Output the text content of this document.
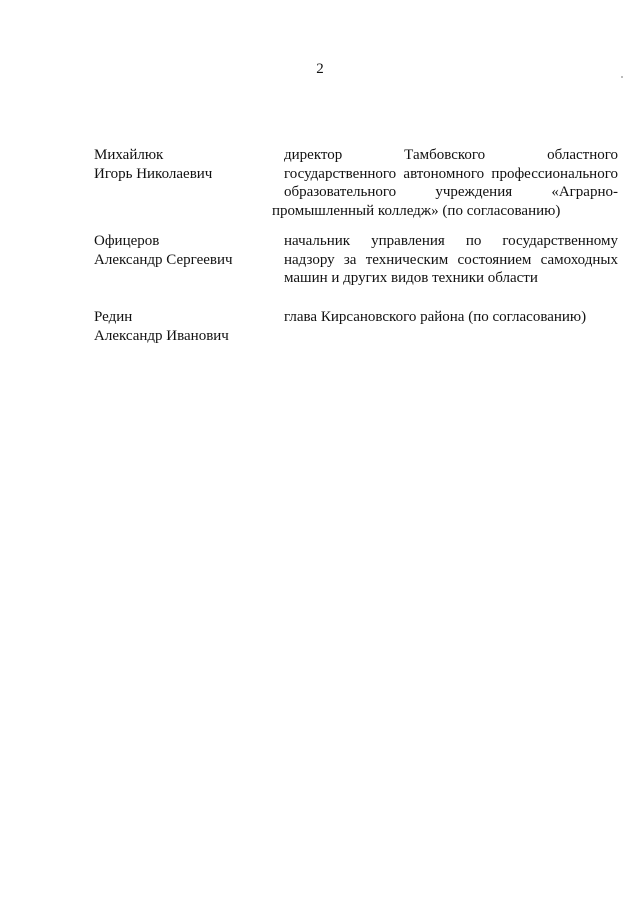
2
Михайлюк
Игорь Николаевич
директор Тамбовского областного
государственного автономного профессионального
образовательного учреждения «Аграрно-
промышленный колледж» (по согласованию)
Офицеров
Александр Сергеевич
начальник управления по государственному
надзору за техническим состоянием самоходных
машин и других видов техники области
Редин
Александр Иванович
глава Кирсановского района (по согласованию)
